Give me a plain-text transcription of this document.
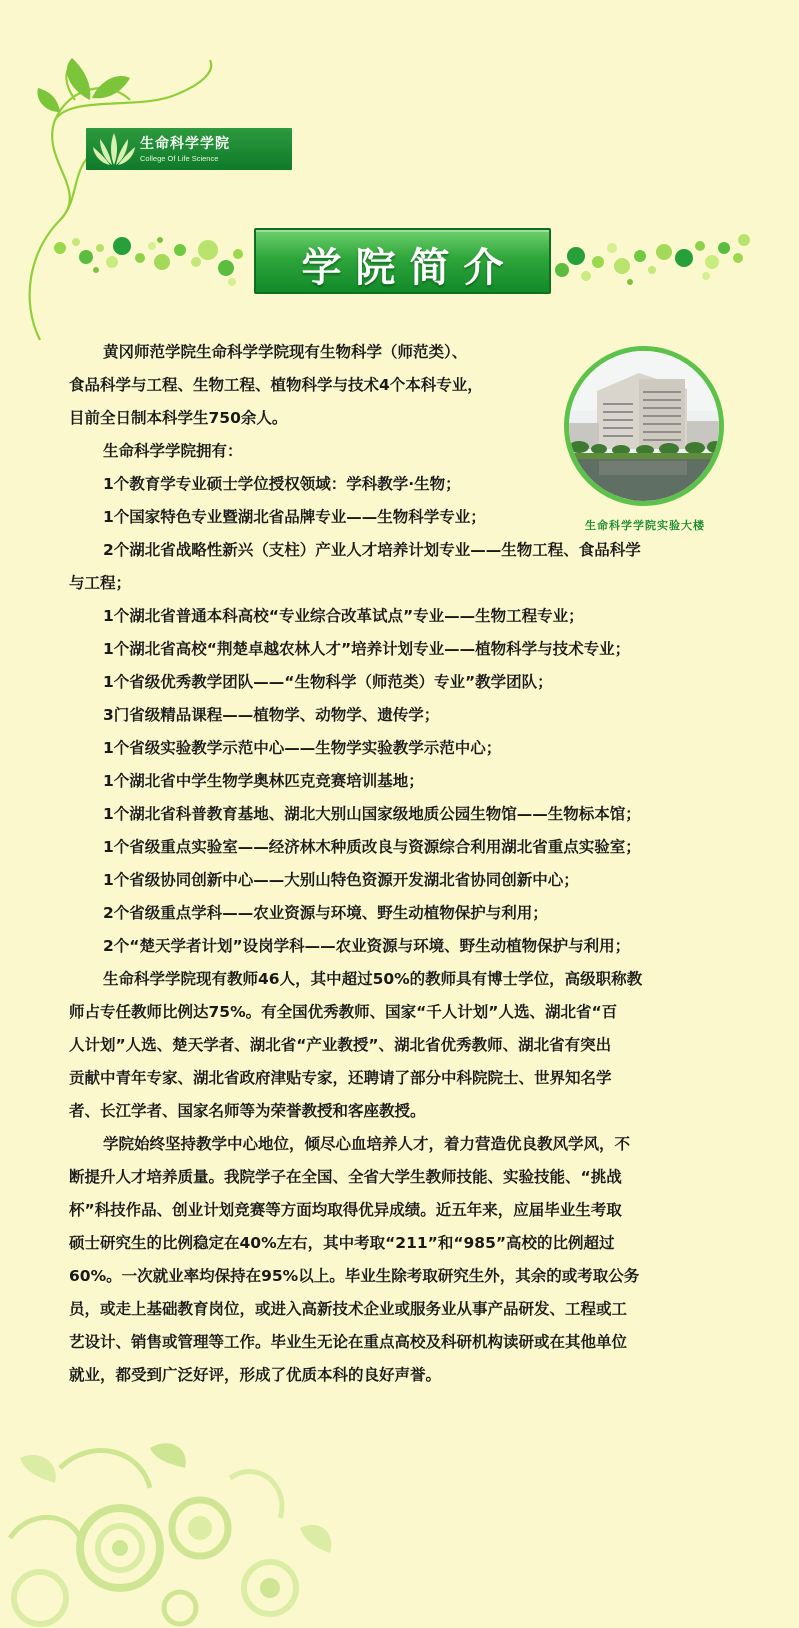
生命科学学院
College Of Life Science
学院简介
生命科学学院实验大楼
黄冈师范学院生命科学学院现有生物科学（师范类）、
食品科学与工程、生物工程、植物科学与技术4个本科专业，
目前全日制本科学生750余人。
生命科学学院拥有：
1个教育学专业硕士学位授权领域：学科教学·生物；
1个国家特色专业暨湖北省品牌专业——生物科学专业；
2个湖北省战略性新兴（支柱）产业人才培养计划专业——生物工程、食品科学
与工程；
1个湖北省普通本科高校“专业综合改革试点”专业——生物工程专业；
1个湖北省高校“荆楚卓越农林人才”培养计划专业——植物科学与技术专业；
1个省级优秀教学团队——“生物科学（师范类）专业”教学团队；
3门省级精品课程——植物学、动物学、遗传学；
1个省级实验教学示范中心——生物学实验教学示范中心；
1个湖北省中学生物学奥林匹克竞赛培训基地；
1个湖北省科普教育基地、湖北大别山国家级地质公园生物馆——生物标本馆；
1个省级重点实验室——经济林木种质改良与资源综合利用湖北省重点实验室；
1个省级协同创新中心——大别山特色资源开发湖北省协同创新中心；
2个省级重点学科——农业资源与环境、野生动植物保护与利用；
2个“楚天学者计划”设岗学科——农业资源与环境、野生动植物保护与利用；
生命科学学院现有教师46人，其中超过50%的教师具有博士学位，高级职称教
师占专任教师比例达75%。有全国优秀教师、国家“千人计划”人选、湖北省“百
人计划”人选、楚天学者、湖北省“产业教授”、湖北省优秀教师、湖北省有突出
贡献中青年专家、湖北省政府津贴专家，还聘请了部分中科院院士、世界知名学
者、长江学者、国家名师等为荣誉教授和客座教授。
学院始终坚持教学中心地位，倾尽心血培养人才，着力营造优良教风学风，不
断提升人才培养质量。我院学子在全国、全省大学生教师技能、实验技能、“挑战
杯”科技作品、创业计划竞赛等方面均取得优异成绩。近五年来，应届毕业生考取
硕士研究生的比例稳定在40%左右，其中考取“211”和“985”高校的比例超过
60%。一次就业率均保持在95%以上。毕业生除考取研究生外，其余的或考取公务
员，或走上基础教育岗位，或进入高新技术企业或服务业从事产品研发、工程或工
艺设计、销售或管理等工作。毕业生无论在重点高校及科研机构读研或在其他单位
就业，都受到广泛好评，形成了优质本科的良好声誉。
